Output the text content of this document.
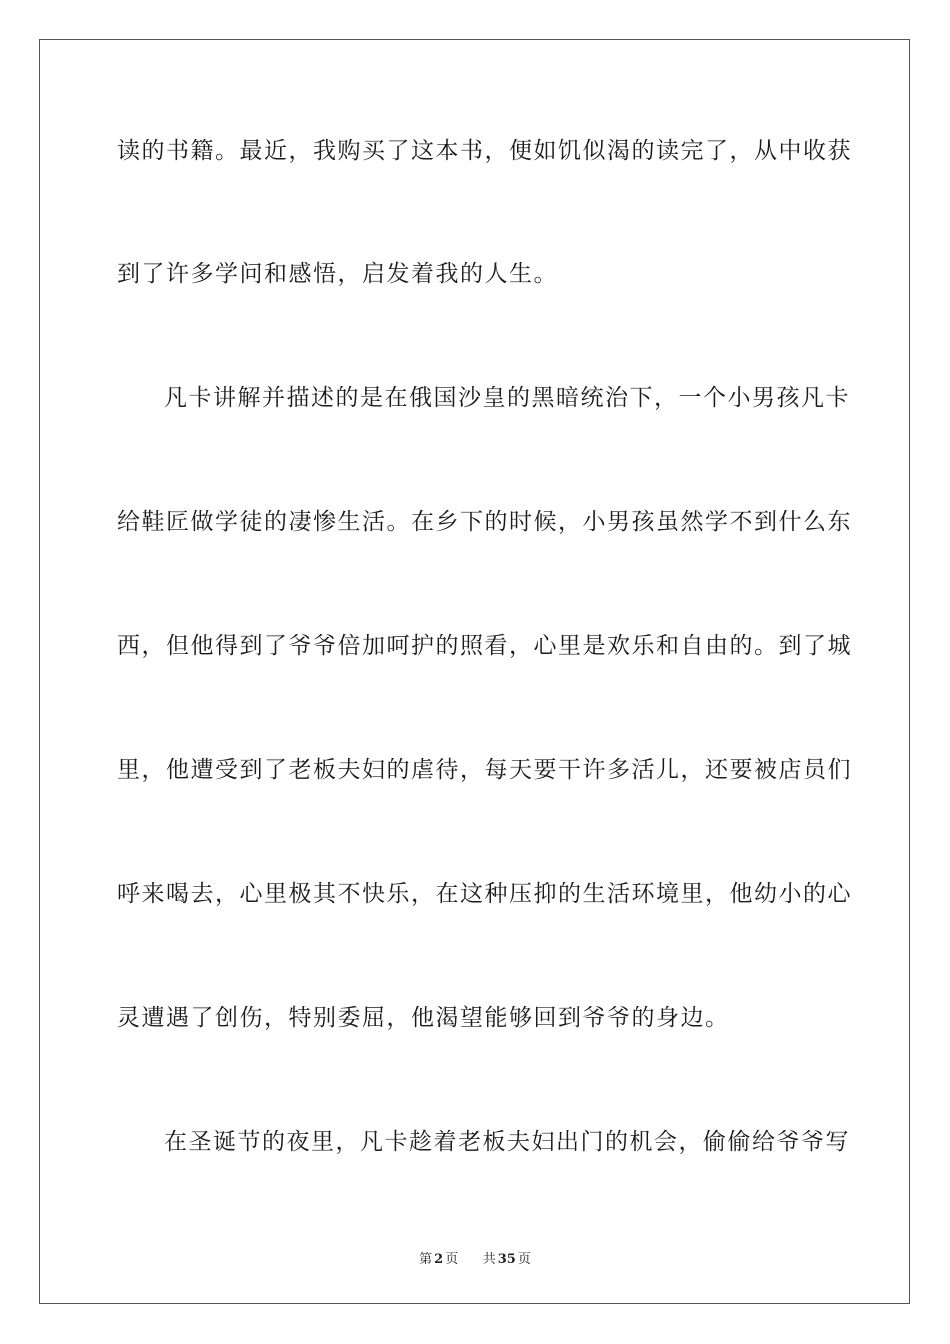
读 的 书 籍 。 最 近 ， 我 购 买 了 这 本 书 ， 便 如 饥 似 渴 的 读 完 了 ， 从 中 收 获
到了许多学问和感悟，启发着我的人生。
凡 卡 讲 解 并 描 述 的 是 在 俄 国 沙 皇 的 黑 暗 统 治 下 ， 一 个 小 男 孩 凡 卡
给 鞋 匠 做 学 徒 的 凄 惨 生 活 。 在 乡 下 的 时 候 ， 小 男 孩 虽 然 学 不 到 什 么 东
西 ， 但 他 得 到 了 爷 爷 倍 加 呵 护 的 照 看 ， 心 里 是 欢 乐 和 自 由 的 。 到 了 城
里 ， 他 遭 受 到 了 老 板 夫 妇 的 虐 待 ， 每 天 要 干 许 多 活 儿 ， 还 要 被 店 员 们
呼 来 喝 去 ， 心 里 极 其 不 快 乐 ， 在 这 种 压 抑 的 生 活 环 境 里 ， 他 幼 小 的 心
灵遭遇了创伤，特别委屈，他渴望能够回到爷爷的身边。
在 圣 诞 节 的 夜 里 ， 凡 卡 趁 着 老 板 夫 妇 出 门 的 机 会 ， 偷 偷 给 爷 爷 写
第 2 页 共 35 页
